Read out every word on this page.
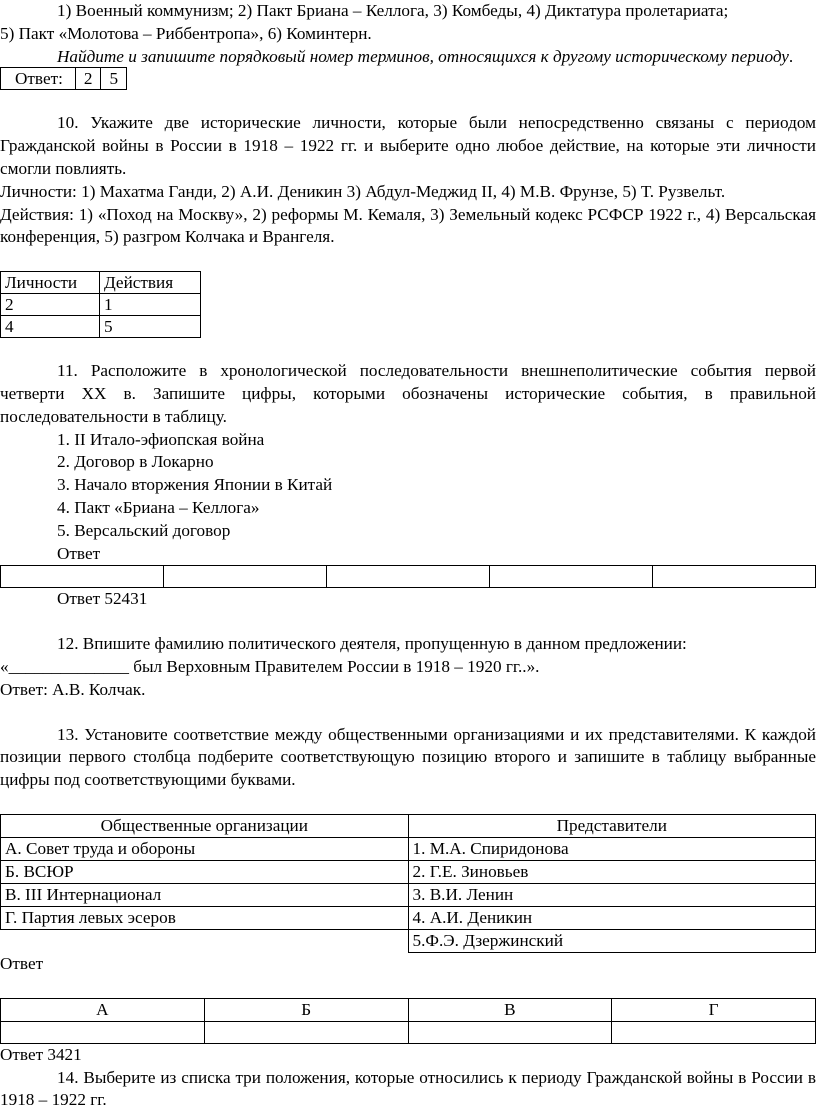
1) Военный коммунизм; 2) Пакт Бриана – Келлога, 3) Комбеды, 4) Диктатура пролетариата;

5) Пакт «Молотова – Риббентропа», 6) Коминтерн.

Найдите и запишите порядковый номер терминов, относящихся к другому историческому периоду.

Ответ:	2	5

10. Укажите две исторические личности, которые были непосредственно связаны с периодом Гражданской войны в России в 1918 – 1922 гг. и выберите одно любое действие, на которые эти личности смогли повлиять.

Личности: 1) Махатма Ганди, 2) А.И. Деникин 3) Абдул-Меджид II, 4) М.В. Фрунзе, 5) Т. Рузвельт.

Действия: 1) «Поход на Москву», 2) реформы М. Кемаля, 3) Земельный кодекс РСФСР 1922 г., 4) Версальская конференция, 5) разгром Колчака и Врангеля.

Личности	Действия
2	1
4	5

11. Расположите в хронологической последовательности внешнеполитические события первой четверти XX в. Запишите цифры, которыми обозначены исторические события, в правильной последовательности в таблицу.

1. II Итало-эфиопская война

2. Договор в Локарно

3. Начало вторжения Японии в Китай

4. Пакт «Бриана – Келлога»

5. Версальский договор

Ответ

Ответ 52431

12. Впишите фамилию политического деятеля, пропущенную в данном предложении:

«______________ был Верховным Правителем России в 1918 – 1920 гг..».

Ответ: А.В. Колчак.

13. Установите соответствие между общественными организациями и их представителями. К каждой позиции первого столбца подберите соответствующую позицию второго и запишите в таблицу выбранные цифры под соответствующими буквами.

Общественные организации	Представители
А. Совет труда и обороны	1. М.А. Спиридонова
Б. ВСЮР	2. Г.Е. Зиновьев
В. III Интернационал	3. В.И. Ленин
Г. Партия левых эсеров	4. А.И. Деникин
	5.Ф.Э. Дзержинский

Ответ

А	Б	В	Г

Ответ 3421

14. Выберите из списка три положения, которые относились к периоду Гражданской войны в России в 1918 – 1922 гг.
